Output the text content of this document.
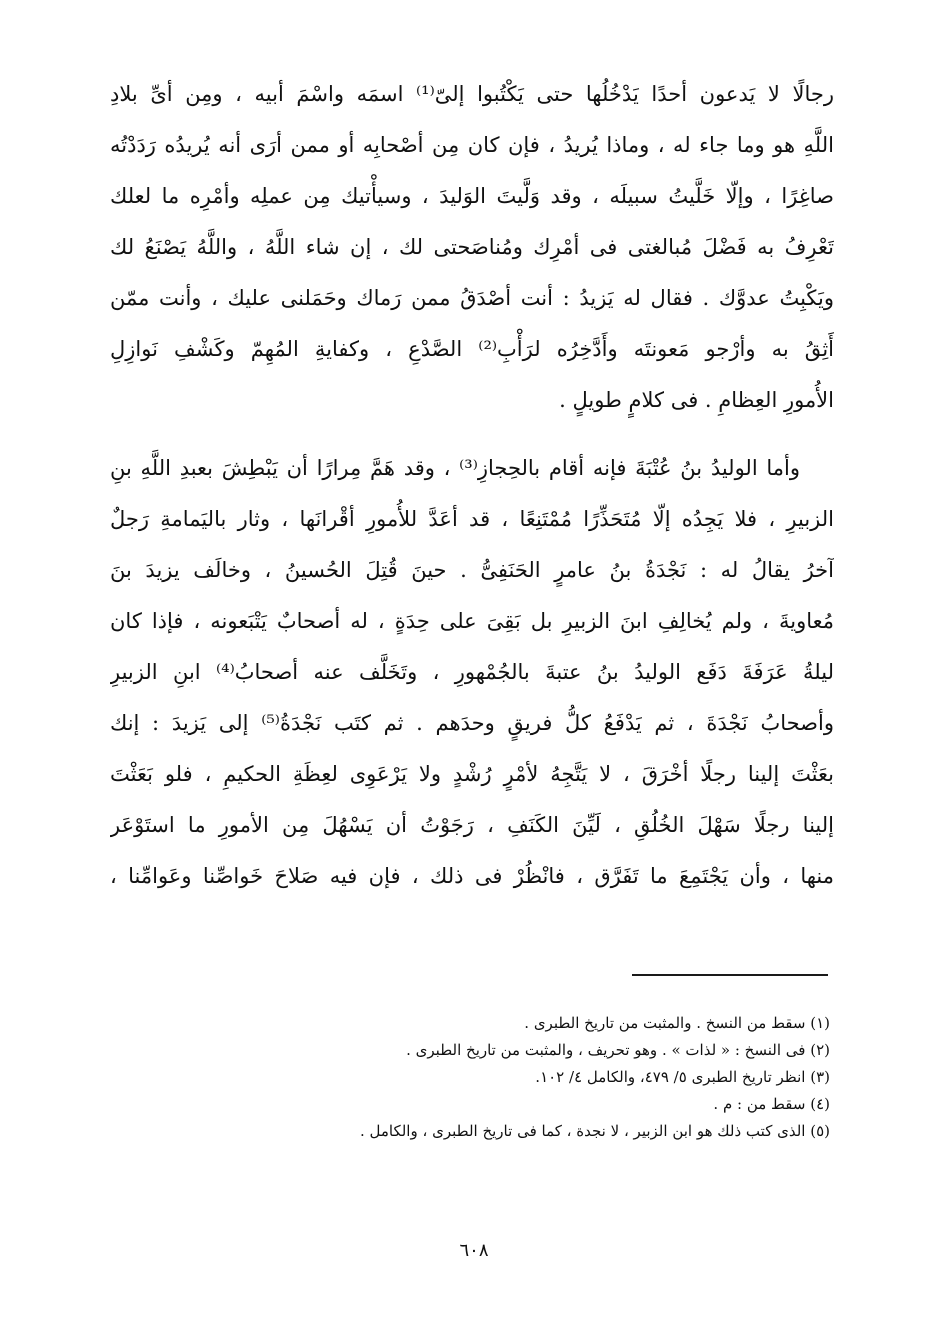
رجالًا لا يَدعون أحدًا يَدْخُلُها حتى يَكْتُبوا إلىّ⁽¹⁾ اسمَه واسْمَ أبيه ، ومِن أىِّ بلادِ
اللَّهِ هو وما جاء له ، وماذا يُريدُ ، فإن كان مِن أصْحابِه أو ممن أرَى أنه يُريدُه رَدَدْتُه
صاغِرًا ، وإلّا خَلَّيتُ سبيلَه ، وقد وَلَّيتَ الوَليدَ ، وسيأْتيك مِن عملِه وأمْرِه ما لعلك
تَعْرِفُ به فَضْلَ مُبالغتى فى أمْرِك ومُناصَحتى لك ، إن شاء اللَّهُ ، واللَّهُ يَصْنَعُ لك
ويَكْبِتُ عدوَّك . فقال له يَزيدُ : أنت أصْدَقُ ممن رَماك وحَمَلنى عليك ، وأنت ممّن
أَثِقُ به وأرْجو مَعونتَه وأَدَّخِرُه لرَأْبِ⁽²⁾ الصَّدْعِ ، وكفايةِ المُهِمّ وكَشْفِ نَوازِلِ
الأُمورِ العِظامِ . فى كلامٍ طويلٍ .
وأما الوليدُ بنُ عُتْبَةَ فإنه أقام بالحِجازِ⁽³⁾ ، وقد هَمَّ مِرارًا أن يَبْطِشَ بعبدِ اللَّهِ بنِ
الزبيرِ ، فلا يَجِدُه إلّا مُتَحَذِّرًا مُمْتَنِعًا ، قد أعَدَّ للأُمورِ أقْرانَها ، وثار باليَمامةِ رَجلٌ
آخرُ يقالُ له : نَجْدَةُ بنُ عامرٍ الحَنَفِىُّ . حينَ قُتِلَ الحُسينُ ، وخالَف يزيدَ بنَ
مُعاويةَ ، ولم يُخالِفِ ابنَ الزبيرِ بل بَقِىَ على حِدَةٍ ، له أصحابٌ يَتْبَعونه ، فإذا كان
ليلةُ عَرَفَةَ دَفَع الوليدُ بنُ عتبةَ بالجُمْهورِ ، وتَخَلَّف عنه أصحابُ⁽⁴⁾ ابنِ الزبيرِ
وأصحابُ نَجْدَةَ ، ثم يَدْفَعُ كلُّ فريقٍ وحدَهم . ثم كتَب نَجْدَةُ⁽⁵⁾ إلى يَزيدَ : إنك
بعَثْتَ إلينا رجلًا أخْرَقَ ، لا يَتَّجِهُ لأمْرٍ رُشْدٍ ولا يَرْعَوِى لعِظَةِ الحكيمِ ، فلو بَعَثْتَ
إلينا رجلًا سَهْلَ الخُلُقِ ، لَيِّنَ الكَنَفِ ، رَجَوْتُ أن يَسْهُلَ مِن الأمورِ ما استَوْعَر
منها ، وأن يَجْتَمِعَ ما تَفَرَّق ، فانْظُرْ فى ذلك ، فإن فيه صَلاحَ خَواصِّنا وعَوامِّنا ،
(١) سقط من النسخ . والمثبت من تاريخ الطبرى .
(٢) فى النسخ : « لذات » . وهو تحريف ، والمثبت من تاريخ الطبرى .
(٣) انظر تاريخ الطبرى ٥/ ٤٧٩، والكامل ٤/ ١٠٢.
(٤) سقط من : م .
(٥) الذى كتب ذلك هو ابن الزبير ، لا نجدة ، كما فى تاريخ الطبرى ، والكامل .
٦٠٨
